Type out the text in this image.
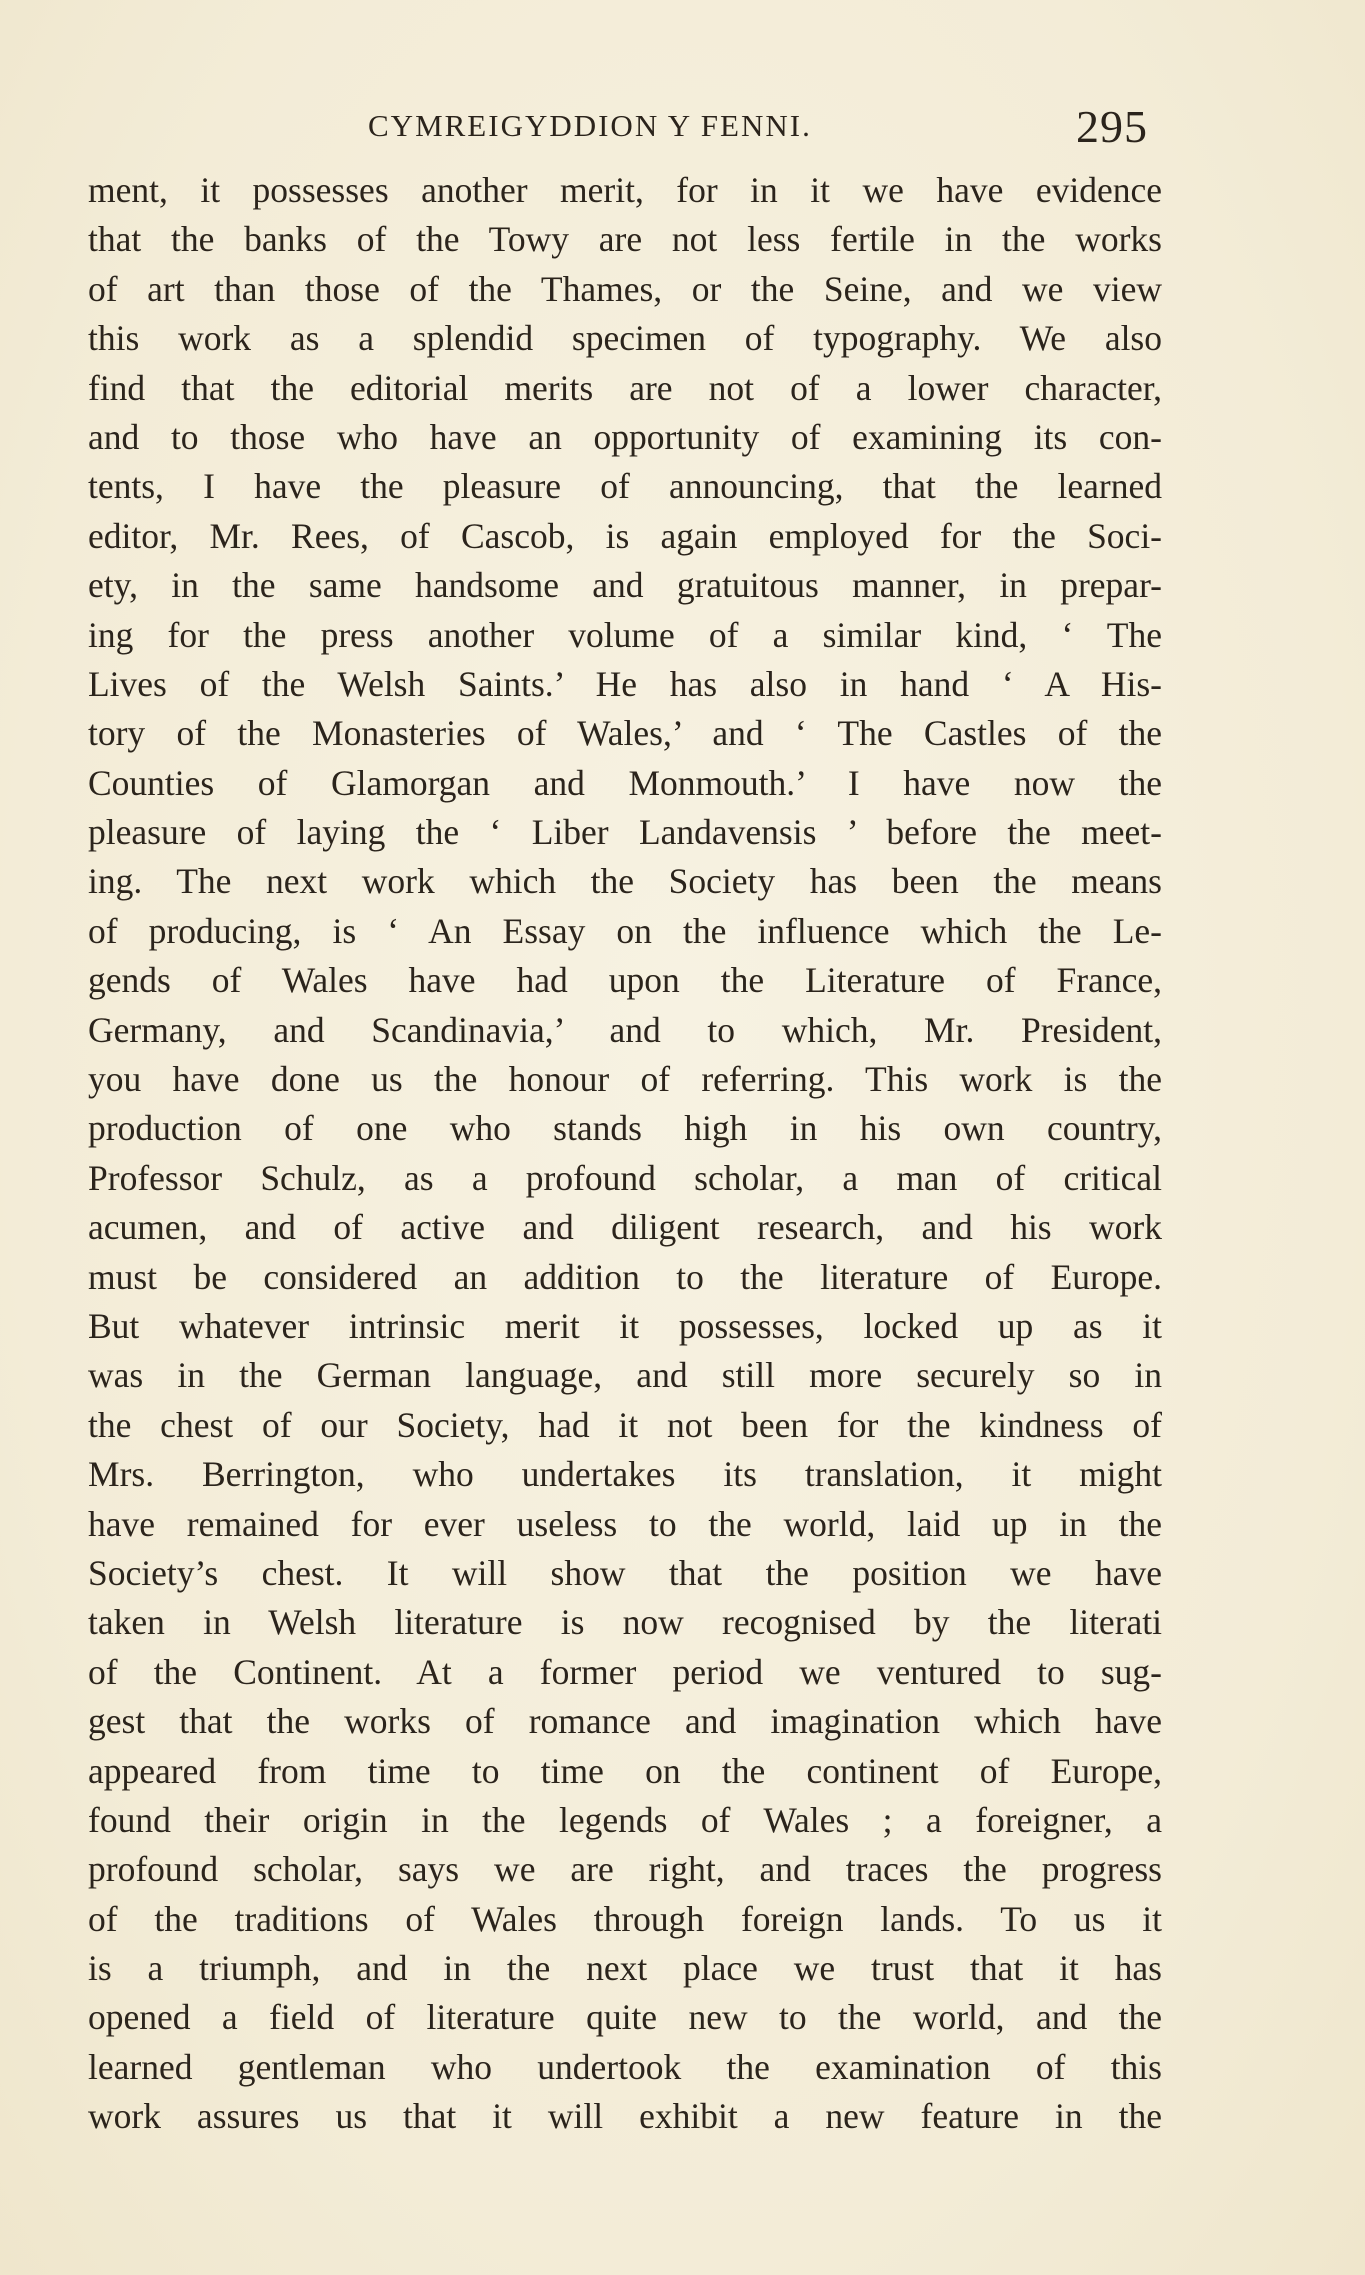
CYMREIGYDDION Y FENNI.	295
ment, it possesses another merit, for in it we have evidence
that the banks of the Towy are not less fertile in the works
of art than those of the Thames, or the Seine, and we view
this work as a splendid specimen of typography. We also
find that the editorial merits are not of a lower character,
and to those who have an opportunity of examining its con-
tents, I have the pleasure of announcing, that the learned
editor, Mr. Rees, of Cascob, is again employed for the Soci-
ety, in the same handsome and gratuitous manner, in prepar-
ing for the press another volume of a similar kind, ‘ The
Lives of the Welsh Saints.’ He has also in hand ‘ A His-
tory of the Monasteries of Wales,’ and ‘ The Castles of the
Counties of Glamorgan and Monmouth.’ I have now the
pleasure of laying the ‘ Liber Landavensis ’ before the meet-
ing. The next work which the Society has been the means
of producing, is ‘ An Essay on the influence which the Le-
gends of Wales have had upon the Literature of France,
Germany, and Scandinavia,’ and to which, Mr. President,
you have done us the honour of referring. This work is the
production of one who stands high in his own country,
Professor Schulz, as a profound scholar, a man of critical
acumen, and of active and diligent research, and his work
must be considered an addition to the literature of Europe.
But whatever intrinsic merit it possesses, locked up as it
was in the German language, and still more securely so in
the chest of our Society, had it not been for the kindness of
Mrs. Berrington, who undertakes its translation, it might
have remained for ever useless to the world, laid up in the
Society’s chest. It will show that the position we have
taken in Welsh literature is now recognised by the literati
of the Continent. At a former period we ventured to sug-
gest that the works of romance and imagination which have
appeared from time to time on the continent of Europe,
found their origin in the legends of Wales ; a foreigner, a
profound scholar, says we are right, and traces the progress
of the traditions of Wales through foreign lands. To us it
is a triumph, and in the next place we trust that it has
opened a field of literature quite new to the world, and the
learned gentleman who undertook the examination of this
work assures us that it will exhibit a new feature in the
